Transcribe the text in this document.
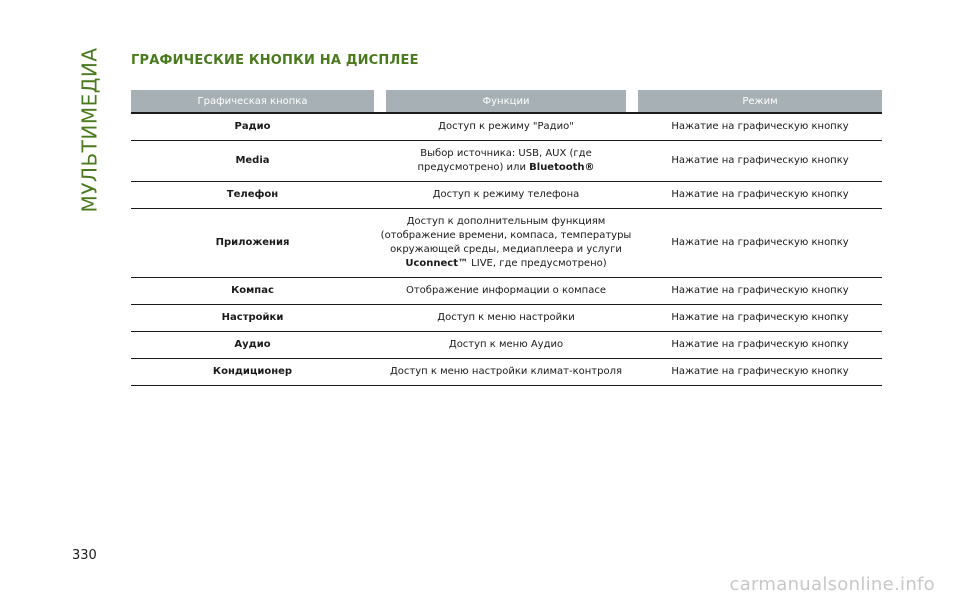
МУЛЬТИМЕДИА ГРАФИЧЕСКИЕ КНОПКИ НА ДИСПЛЕЕ
Графическая кнопка		Функции		Режим
Радио	Доступ к режиму "Радио"			Нажатие на графическую кнопку
Media	Выбор источника: USB, AUX (где
предусмотрено) или Bluetooth®			Нажатие на графическую кнопку
Телефон	Доступ к режиму телефона			Нажатие на графическую кнопку
Приложения	Доступ к дополнительным функциям
(отображение времени, компаса, температуры
окружающей среды, медиаплеера и услуги
Uconnect™ LIVE, где предусмотрено)			Нажатие на графическую кнопку
Компас	Отображение информации о компасе			Нажатие на графическую кнопку
Настройки	Доступ к меню настройки			Нажатие на графическую кнопку
Аудио	Доступ к меню Аудио			Нажатие на графическую кнопку
Кондиционер	Доступ к меню настройки климат-контроля			Нажатие на графическую кнопку
330
carmanualsonline.info
